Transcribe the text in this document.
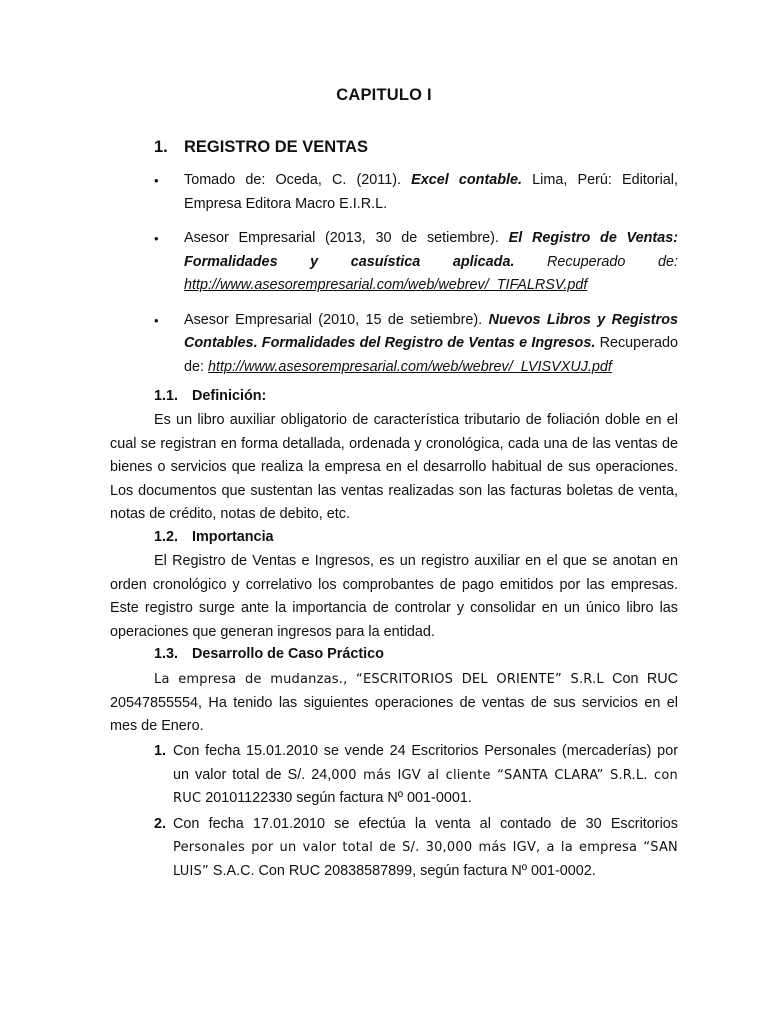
CAPITULO I
1. REGISTRO DE VENTAS
• Tomado de: Oceda, C. (2011). Excel contable. Lima, Perú: Editorial, Empresa Editora Macro E.I.R.L.
• Asesor Empresarial (2013, 30 de setiembre). El Registro de Ventas: Formalidades y casuística aplicada. Recuperado de: http://www.asesorempresarial.com/web/webrev/_TIFALRSV.pdf
• Asesor Empresarial (2010, 15 de setiembre). Nuevos Libros y Registros Contables. Formalidades del Registro de Ventas e Ingresos. Recuperado de: http://www.asesorempresarial.com/web/webrev/_LVISVXUJ.pdf
1.1. Definición:

Es un libro auxiliar obligatorio de característica tributario de foliación doble en el cual se registran en forma detallada, ordenada y cronológica, cada una de las ventas de bienes o servicios que realiza la empresa en el desarrollo habitual de sus operaciones. Los documentos que sustentan las ventas realizadas son las facturas boletas de venta, notas de crédito, notas de debito, etc.

1.2. Importancia

El Registro de Ventas e Ingresos, es un registro auxiliar en el que se anotan en orden cronológico y correlativo los comprobantes de pago emitidos por las empresas. Este registro surge ante la importancia de controlar y consolidar en un único libro las operaciones que generan ingresos para la entidad.

1.3. Desarrollo de Caso Práctico

La empresa de mudanzas., “ESCRITORIOS DEL ORIENTE” S.R.L Con RUC 20547855554, Ha tenido las siguientes operaciones de ventas de sus servicios en el mes de Enero.

1. Con fecha 15.01.2010 se vende 24 Escritorios Personales (mercaderías) por un valor total de S/. 24,000 más IGV al cliente “SANTA CLARA” S.R.L. con RUC 20101122330 según factura Nº 001-0001.
2. Con fecha 17.01.2010 se efectúa la venta al contado de 30 Escritorios Personales por un valor total de S/. 30,000 más IGV, a la empresa “SAN LUIS” S.A.C. Con RUC 20838587899, según factura Nº 001-0002.
